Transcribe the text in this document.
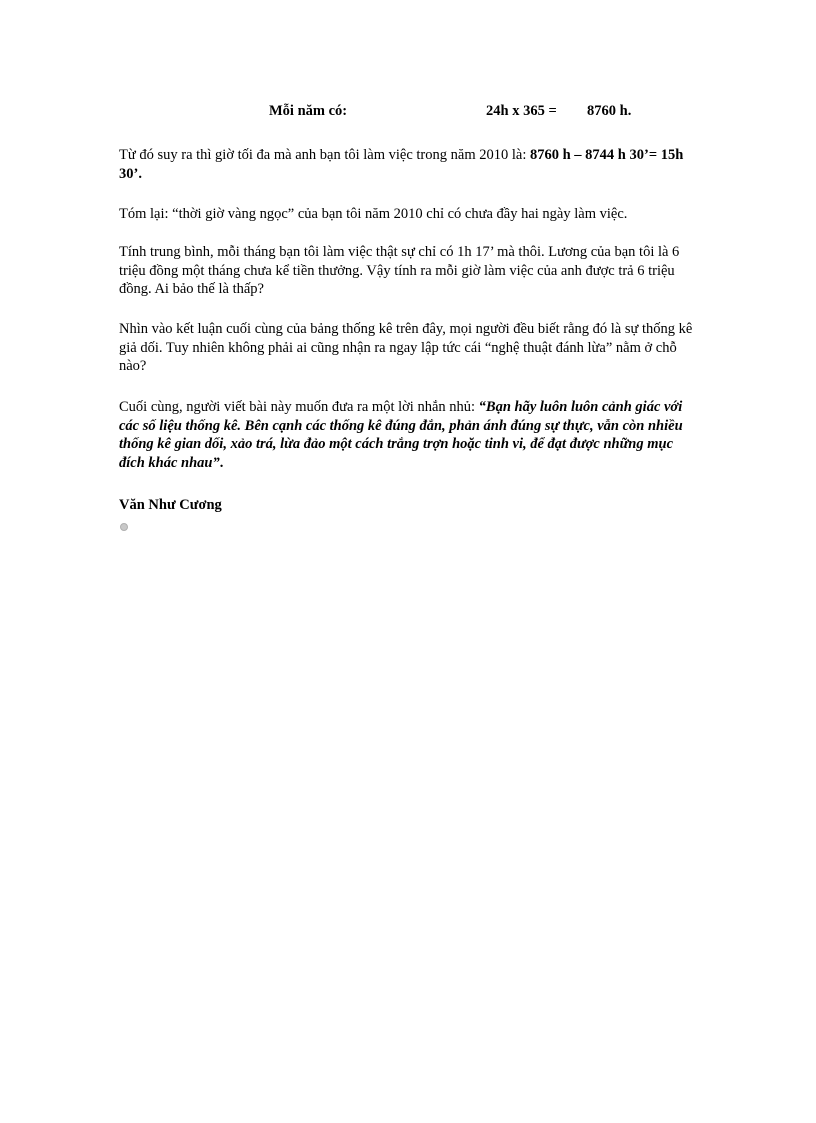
Mỗi năm có:	24h x 365 = 8760 h.

Từ đó suy ra thì giờ tối đa mà anh bạn tôi làm việc trong năm 2010 là: 8760 h – 8744 h 30’= 15h 30’.

Tóm lại: “thời giờ vàng ngọc” của bạn tôi năm 2010 chỉ có chưa đầy hai ngày làm việc.

Tính trung bình, mỗi tháng bạn tôi làm việc thật sự chỉ có 1h 17’ mà thôi. Lương của bạn tôi là 6 triệu đồng một tháng chưa kể tiền thưởng. Vậy tính ra mỗi giờ làm việc của anh được trả 6 triệu đồng. Ai bảo thế là thấp?

Nhìn vào kết luận cuối cùng của bảng thống kê trên đây, mọi người đều biết rằng đó là sự thống kê giả dối. Tuy nhiên không phải ai cũng nhận ra ngay lập tức cái “nghệ thuật đánh lừa” nằm ở chỗ nào?

Cuối cùng, người viết bài này muốn đưa ra một lời nhắn nhủ: “Bạn hãy luôn luôn cảnh giác với các số liệu thống kê. Bên cạnh các thống kê đúng đắn, phản ánh đúng sự thực, vẫn còn nhiều thống kê gian dối, xảo trá, lừa đảo một cách trắng trợn hoặc tinh vi, để đạt được những mục đích khác nhau”.

Văn Như Cương
